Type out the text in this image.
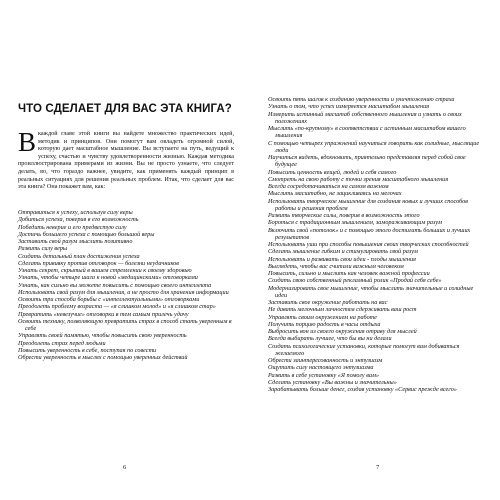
ЧТО СДЕЛАЕТ ДЛЯ ВАС ЭТА КНИГА?

Вкаждой главе этой книги вы найдете множество практических идей, методик и принципов. Они помогут вам овладеть огромной силой, которую дает масштабное мышление. Вы вступаете на путь, ведущий к успеху, счастью и чувству удовлетворенности жизнью. Каждая методика проиллюстрирована примерами из жизни. Вы не просто узнаете, что следует делать, во, что гораздо важнее, увидите, как применять каждый принцип в реальных ситуациях для решения реальных проблем. Итак, что сделает для вас эта книга? Она покажет вам, как:

Отправиться к успеху, используя силу веры
Добиться успеха, поверив в его возможность
Победить неверие и его предвестую силу
Достичь большего успеха с помощью большой веры
Заставить свой разум мыслить позитивно
Развить силу веры
Создать детальный план достижения успеха
Сделать прививку против отговорок — болезни неудачников
Узнать секрет, скрытый в вашем стремлении к своему здоровью
Узнать, чтобы четыре шага к новой «медицинскими» отговорками
Узнать, как сильно вы можете повысить с помощью своего интеллекта
Использовать свой разум для мышления, а не просто для хранения информации
Освоить три способа борьбы с «интеллектуальными» отговорками
Преодолеть проблему возраста — «я слишком молод» и «я слишком стар»
Превратить «невезучие» отговорки в тем самым прилечь удачу
Освоить технику, позволяющую превратить страх в способ стать уверенным в себе
Управлять своей памятью, чтобы повысить свою уверенность
Преодолеть страх перед людьми
Повысить уверенность в себе, поступая по совести
Обрести уверенность в мыслях с помощью уверенных действий
6
Освоить пять шагов к созданию уверенности и уничтожению страха
Узнать о том, что успех измеряется масштабом мышления
Измерить истинный масштаб собственного мышления и узнать о своих положениях
Мыслить «по-крупному» в соответствии с истинным масштабом вашего мышления
С помощью четырех упражнений научиться говорить как солидные, мыслящие люди
Научиться видеть, вдохновить, приятельно представляя перед собой свое будущее
Повысить ценность вещей, людей и себя самого
Смотреть на свою работу с точки зрения масштабного мышления
Всегда сосредотачиваться на самом важном
Мыслить масштабно, не зацикливаясь на мелочах
Использовать творческое мышление для создания новых и лучших способов работы и решения проблем
Развить творческие силы, поверив в возможность этого
Бороться с традиционным мышлением, замораживающим разум
Включить свой «потолок» и с помощью этого достигать больших и лучших результатов
Использовать уши при способы повышения своих творческих способностей
Сделать мышление гибким и стимулировать свой разум
Использовать и развивать свои идеи - плоды мышления
Выглядеть, чтобы вас считали важным человеком
Повысить, сильно и мыслить как человек важной профессии
Создать свою собственный рекламный ролик «Продай себя себе»
Модернизировать свое мышление, чтобы мыслить значительные и солидные идеи
Заставить свое окружение работать на вас
Не давать мелочным личностям сдерживать ваш рост
Управлять своим окружением на работе
Получить порцию радость в часы отдыха
Выбросить вон из своего окружения отраву для мыслей
Всегда выбирать лучшее, что бы вы ни делали
Создать психологические установки, которые помогут вам добиваться желаемого
Обрести заинтересованность и энтузиазм
Ощутить силу настоящего энтузиазма
Развить в себе установку «Я помогу вам»
Сделать установку «Вы важны и значительны»
Зарабатывать больше денег, создав установку «Сервис прежде всего»
7
